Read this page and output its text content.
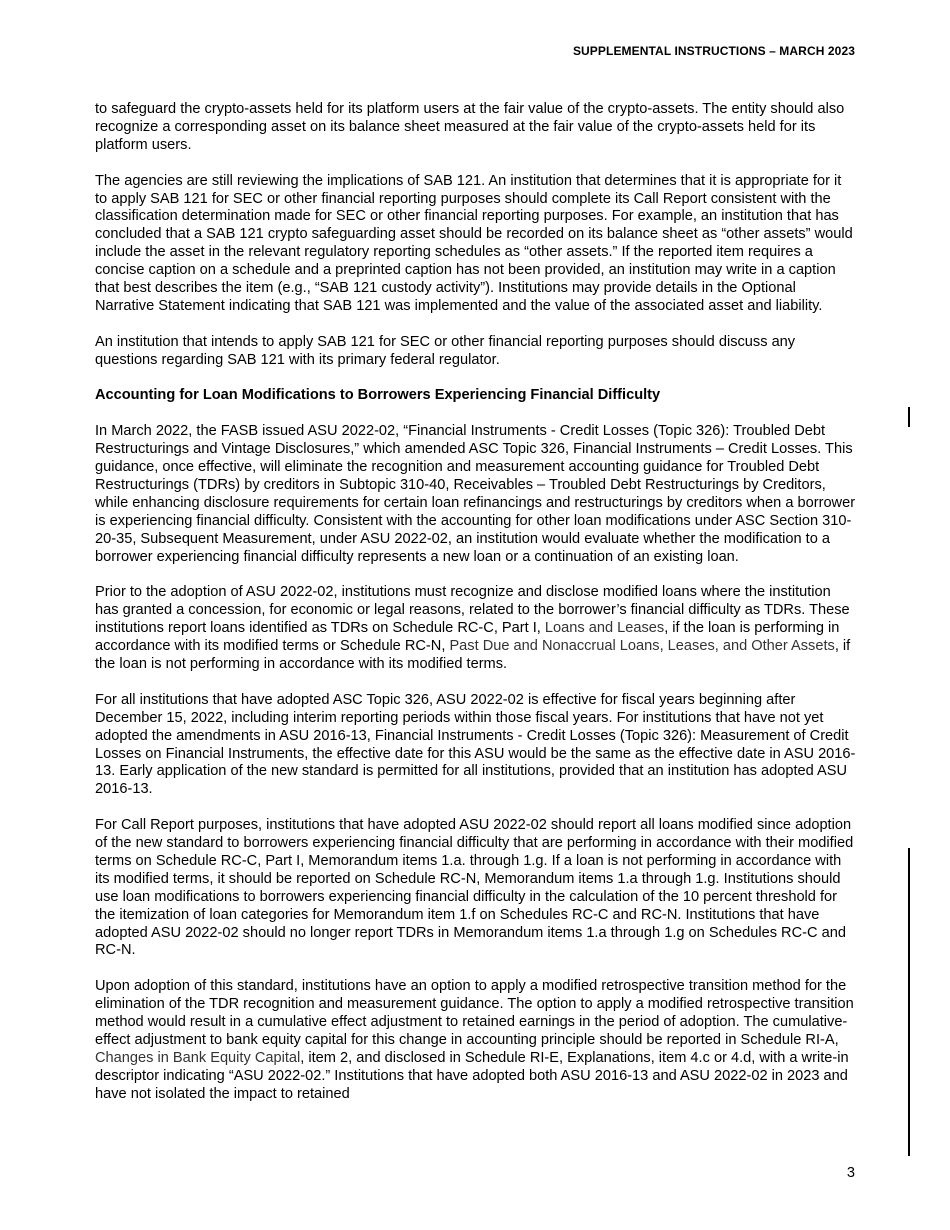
SUPPLEMENTAL INSTRUCTIONS – MARCH 2023

to safeguard the crypto-assets held for its platform users at the fair value of the crypto-assets. The entity should also recognize a corresponding asset on its balance sheet measured at the fair value of the crypto-assets held for its platform users.

The agencies are still reviewing the implications of SAB 121. An institution that determines that it is appropriate for it to apply SAB 121 for SEC or other financial reporting purposes should complete its Call Report consistent with the classification determination made for SEC or other financial reporting purposes. For example, an institution that has concluded that a SAB 121 crypto safeguarding asset should be recorded on its balance sheet as “other assets” would include the asset in the relevant regulatory reporting schedules as “other assets.” If the reported item requires a concise caption on a schedule and a preprinted caption has not been provided, an institution may write in a caption that best describes the item (e.g., “SAB 121 custody activity”). Institutions may provide details in the Optional Narrative Statement indicating that SAB 121 was implemented and the value of the associated asset and liability.

An institution that intends to apply SAB 121 for SEC or other financial reporting purposes should discuss any questions regarding SAB 121 with its primary federal regulator.

Accounting for Loan Modifications to Borrowers Experiencing Financial Difficulty

In March 2022, the FASB issued ASU 2022-02, “Financial Instruments - Credit Losses (Topic 326): Troubled Debt Restructurings and Vintage Disclosures,” which amended ASC Topic 326, Financial Instruments – Credit Losses. This guidance, once effective, will eliminate the recognition and measurement accounting guidance for Troubled Debt Restructurings (TDRs) by creditors in Subtopic 310-40, Receivables – Troubled Debt Restructurings by Creditors, while enhancing disclosure requirements for certain loan refinancings and restructurings by creditors when a borrower is experiencing financial difficulty. Consistent with the accounting for other loan modifications under ASC Section 310-20-35, Subsequent Measurement, under ASU 2022-02, an institution would evaluate whether the modification to a borrower experiencing financial difficulty represents a new loan or a continuation of an existing loan.

Prior to the adoption of ASU 2022-02, institutions must recognize and disclose modified loans where the institution has granted a concession, for economic or legal reasons, related to the borrower’s financial difficulty as TDRs. These institutions report loans identified as TDRs on Schedule RC-C, Part I, Loans and Leases, if the loan is performing in accordance with its modified terms or Schedule RC-N, Past Due and Nonaccrual Loans, Leases, and Other Assets, if the loan is not performing in accordance with its modified terms.

For all institutions that have adopted ASC Topic 326, ASU 2022-02 is effective for fiscal years beginning after December 15, 2022, including interim reporting periods within those fiscal years. For institutions that have not yet adopted the amendments in ASU 2016-13, Financial Instruments - Credit Losses (Topic 326): Measurement of Credit Losses on Financial Instruments, the effective date for this ASU would be the same as the effective date in ASU 2016-13. Early application of the new standard is permitted for all institutions, provided that an institution has adopted ASU 2016-13.

For Call Report purposes, institutions that have adopted ASU 2022-02 should report all loans modified since adoption of the new standard to borrowers experiencing financial difficulty that are performing in accordance with their modified terms on Schedule RC-C, Part I, Memorandum items 1.a. through 1.g. If a loan is not performing in accordance with its modified terms, it should be reported on Schedule RC-N, Memorandum items 1.a through 1.g. Institutions should use loan modifications to borrowers experiencing financial difficulty in the calculation of the 10 percent threshold for the itemization of loan categories for Memorandum item 1.f on Schedules RC-C and RC-N. Institutions that have adopted ASU 2022-02 should no longer report TDRs in Memorandum items 1.a through 1.g on Schedules RC-C and RC-N.

Upon adoption of this standard, institutions have an option to apply a modified retrospective transition method for the elimination of the TDR recognition and measurement guidance. The option to apply a modified retrospective transition method would result in a cumulative effect adjustment to retained earnings in the period of adoption. The cumulative-effect adjustment to bank equity capital for this change in accounting principle should be reported in Schedule RI-A, Changes in Bank Equity Capital, item 2, and disclosed in Schedule RI-E, Explanations, item 4.c or 4.d, with a write-in descriptor indicating “ASU 2022-02.” Institutions that have adopted both ASU 2016-13 and ASU 2022-02 in 2023 and have not isolated the impact to retained

3
